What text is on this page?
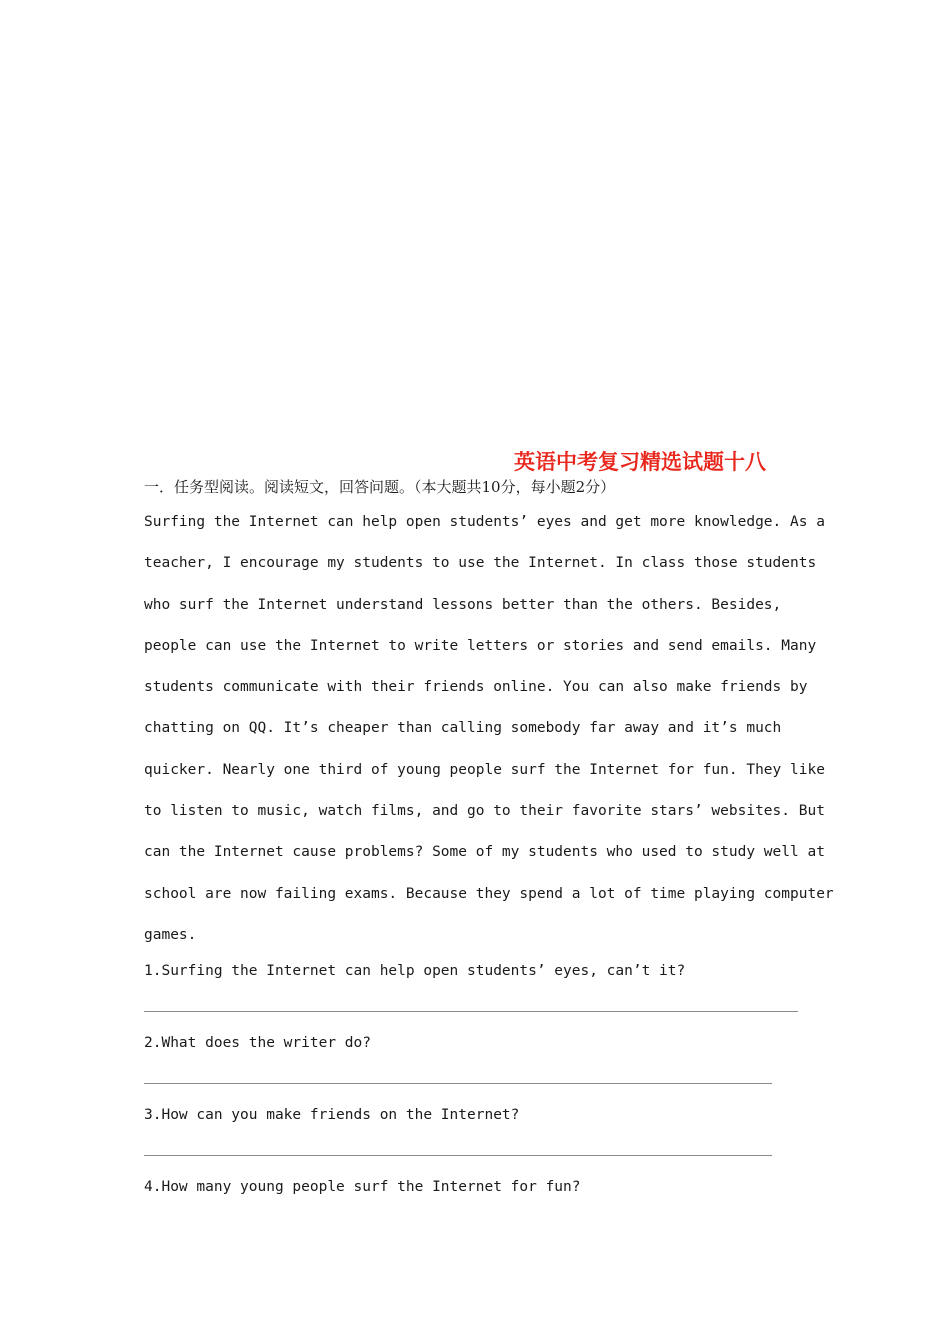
英语中考复习精选试题十八
一．任务型阅读。阅读短文，回答问题。（本大题共10分，每小题2分）
Surfing the Internet can help open students’ eyes and get more knowledge. As a
teacher, I encourage my students to use the Internet. In class those students
who surf the Internet understand lessons better than the others. Besides,
people can use the Internet to write letters or stories and send emails. Many
students communicate with their friends online. You can also make friends by
chatting on QQ. It’s cheaper than calling somebody far away and it’s much
quicker. Nearly one third of young people surf the Internet for fun. They like
to listen to music, watch films, and go to their favorite stars’ websites. But
can the Internet cause problems? Some of my students who used to study well at
school are now failing exams. Because they spend a lot of time playing computer
games.
1.Surfing the Internet can help open students’ eyes, can’t it?
2.What does the writer do?
3.How can you make friends on the Internet?
4.How many young people surf the Internet for fun?
